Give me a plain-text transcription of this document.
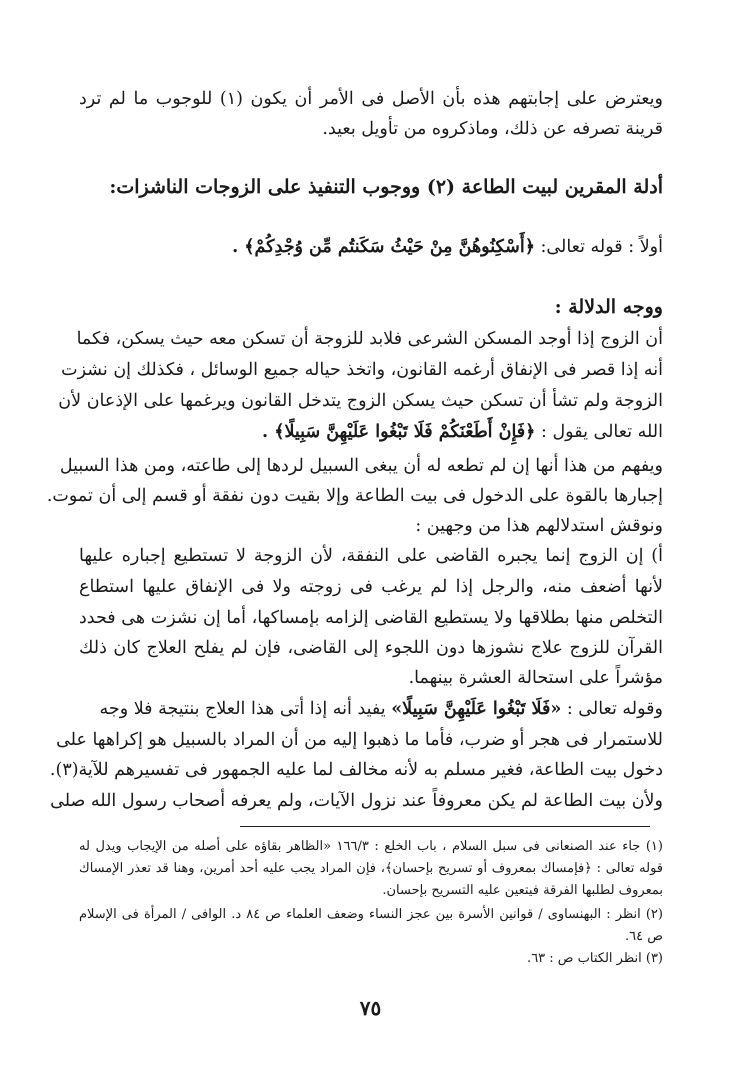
ويعترض على إجابتهم هذه بأن الأصل فى الأمر أن يكون (١) للوجوب ما لم ترد
قرينة تصرفه عن ذلك، وماذكروه من تأويل بعيد.
أدلة المقرين لبيت الطاعة (٢) ووجوب التنفيذ على الزوجات الناشزات:
أولاً : قوله تعالى: ﴿أَسْكِنُوهُنَّ مِنْ حَيْثُ سَكَنتُم مِّن وُجْدِكُمْ﴾ .
ووجه الدلالة :
أن الزوج إذا أوجد المسكن الشرعى فلابد للزوجة أن تسكن معه حيث يسكن، فكما
أنه إذا قصر فى الإنفاق أرغمه القانون، واتخذ حياله جميع الوسائل ، فكذلك إن نشزت
الزوجة ولم تشأ أن تسكن حيث يسكن الزوج يتدخل القانون ويرغمها على الإذعان لأن
الله تعالى يقول : ﴿فَإِنْ أَطَعْنَكُمْ فَلَا تَبْغُوا عَلَيْهِنَّ سَبِيلًا﴾ .
ويفهم من هذا أنها إن لم تطعه له أن يبغى السبيل لردها إلى طاعته، ومن هذا السبيل
إجبارها بالقوة على الدخول فى بيت الطاعة وإلا بقيت دون نفقة أو قسم إلى أن تموت.
ونوقش استدلالهم هذا من وجهين :
أ) إن الزوج إنما يجبره القاضى على النفقة، لأن الزوجة لا تستطيع إجباره عليها
لأنها أضعف منه، والرجل إذا لم يرغب فى زوجته ولا فى الإنفاق عليها استطاع
التخلص منها بطلاقها ولا يستطيع القاضى إلزامه بإمساكها، أما إن نشزت هى فحدد
القرآن للزوج علاج نشوزها دون اللجوء إلى القاضى، فإن لم يفلح العلاج كان ذلك
مؤشراً على استحالة العشرة بينهما.
وقوله تعالى : «فَلَا تَبْغُوا عَلَيْهِنَّ سَبِيلًا» يفيد أنه إذا أتى هذا العلاج بنتيجة فلا وجه
للاستمرار فى هجر أو ضرب، فأما ما ذهبوا إليه من أن المراد بالسبيل هو إكراهها على
دخول بيت الطاعة، فغير مسلم به لأنه مخالف لما عليه الجمهور فى تفسيرهم للآية(٣).
ولأن بيت الطاعة لم يكن معروفاً عند نزول الآيات، ولم يعرفه أصحاب رسول الله صلى
(١) جاء عند الصنعانى فى سبل السلام ، باب الخلع : ١٦٦/٣ «الظاهر بقاؤه على أصله من الإيجاب ويدل له
قوله تعالى : ﴿فإمساك بمعروف أو تسريح بإحسان﴾، فإن المراد يجب عليه أحد أمرين، وهنا قد تعذر الإمساك
بمعروف لطلبها الفرقة فيتعين عليه التسريح بإحسان.
(٢) انظر : البهنساوى / قوانين الأسرة بين عجز النساء وضعف العلماء ص ٨٤ د. الوافى / المرأة فى الإسلام
ص ٦٤.
(٣) انظر الكتاب ص : ٦٣.
٧٥
